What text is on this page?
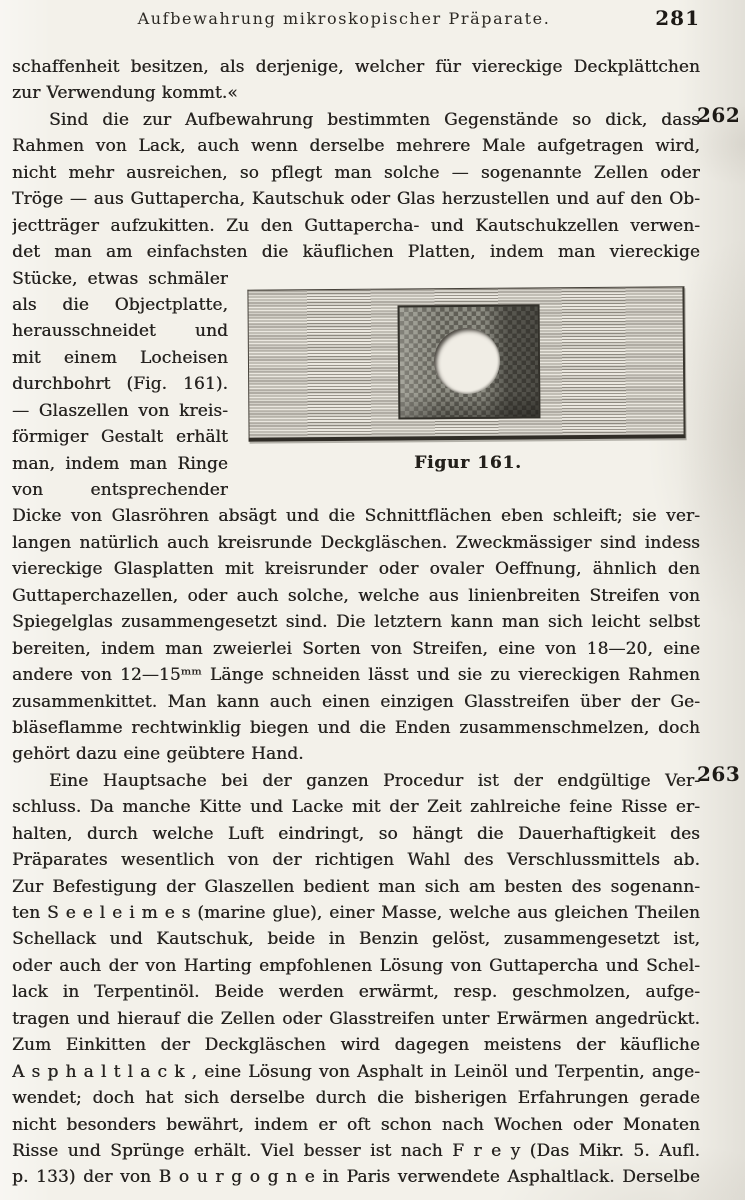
Aufbewahrung mikroskopischer Präparate.	281
262
263
schaffenheit besitzen, als derjenige, welcher für viereckige Deckplättchen
zur Verwendung kommt.«
Sind die zur Aufbewahrung bestimmten Gegenstände so dick, dass
Rahmen von Lack, auch wenn derselbe mehrere Male aufgetragen wird,
nicht mehr ausreichen, so pflegt man solche — sogenannte Zellen oder
Tröge — aus Guttapercha, Kautschuk oder Glas herzustellen und auf den Ob-
jectträger aufzukitten. Zu den Guttapercha- und Kautschukzellen verwen-
det man am einfachsten die käuflichen Platten, indem man viereckige
Stücke, etwas schmäler
als die Objectplatte,
herausschneidet und
mit einem Locheisen
durchbohrt (Fig. 161).
— Glaszellen von kreis-
förmiger Gestalt erhält
man, indem man Ringe
von entsprechender
Figur 161.
Dicke von Glasröhren absägt und die Schnittflächen eben schleift; sie ver-
langen natürlich auch kreisrunde Deckgläschen. Zweckmässiger sind indess
viereckige Glasplatten mit kreisrunder oder ovaler Oeffnung, ähnlich den
Guttaperchazellen, oder auch solche, welche aus linienbreiten Streifen von
Spiegelglas zusammengesetzt sind. Die letztern kann man sich leicht selbst
bereiten, indem man zweierlei Sorten von Streifen, eine von 18—20, eine
andere von 12—15ᵐᵐ Länge schneiden lässt und sie zu viereckigen Rahmen
zusammenkittet. Man kann auch einen einzigen Glasstreifen über der Ge-
bläseflamme rechtwinklig biegen und die Enden zusammenschmelzen, doch
gehört dazu eine geübtere Hand.
Eine Hauptsache bei der ganzen Procedur ist der endgültige Ver-
schluss. Da manche Kitte und Lacke mit der Zeit zahlreiche feine Risse er-
halten, durch welche Luft eindringt, so hängt die Dauerhaftigkeit des
Präparates wesentlich von der richtigen Wahl des Verschlussmittels ab.
Zur Befestigung der Glaszellen bedient man sich am besten des sogenann-
ten S e e l e i m e s (marine glue), einer Masse, welche aus gleichen Theilen
Schellack und Kautschuk, beide in Benzin gelöst, zusammengesetzt ist,
oder auch der von Harting empfohlenen Lösung von Guttapercha und Schel-
lack in Terpentinöl. Beide werden erwärmt, resp. geschmolzen, aufge-
tragen und hierauf die Zellen oder Glasstreifen unter Erwärmen angedrückt.
Zum Einkitten der Deckgläschen wird dagegen meistens der käufliche
A s p h a l t l a c k , eine Lösung von Asphalt in Leinöl und Terpentin, ange-
wendet; doch hat sich derselbe durch die bisherigen Erfahrungen gerade
nicht besonders bewährt, indem er oft schon nach Wochen oder Monaten
Risse und Sprünge erhält. Viel besser ist nach F r e y (Das Mikr. 5. Aufl.
p. 133) der von B o u r g o g n e in Paris verwendete Asphaltlack. Derselbe
